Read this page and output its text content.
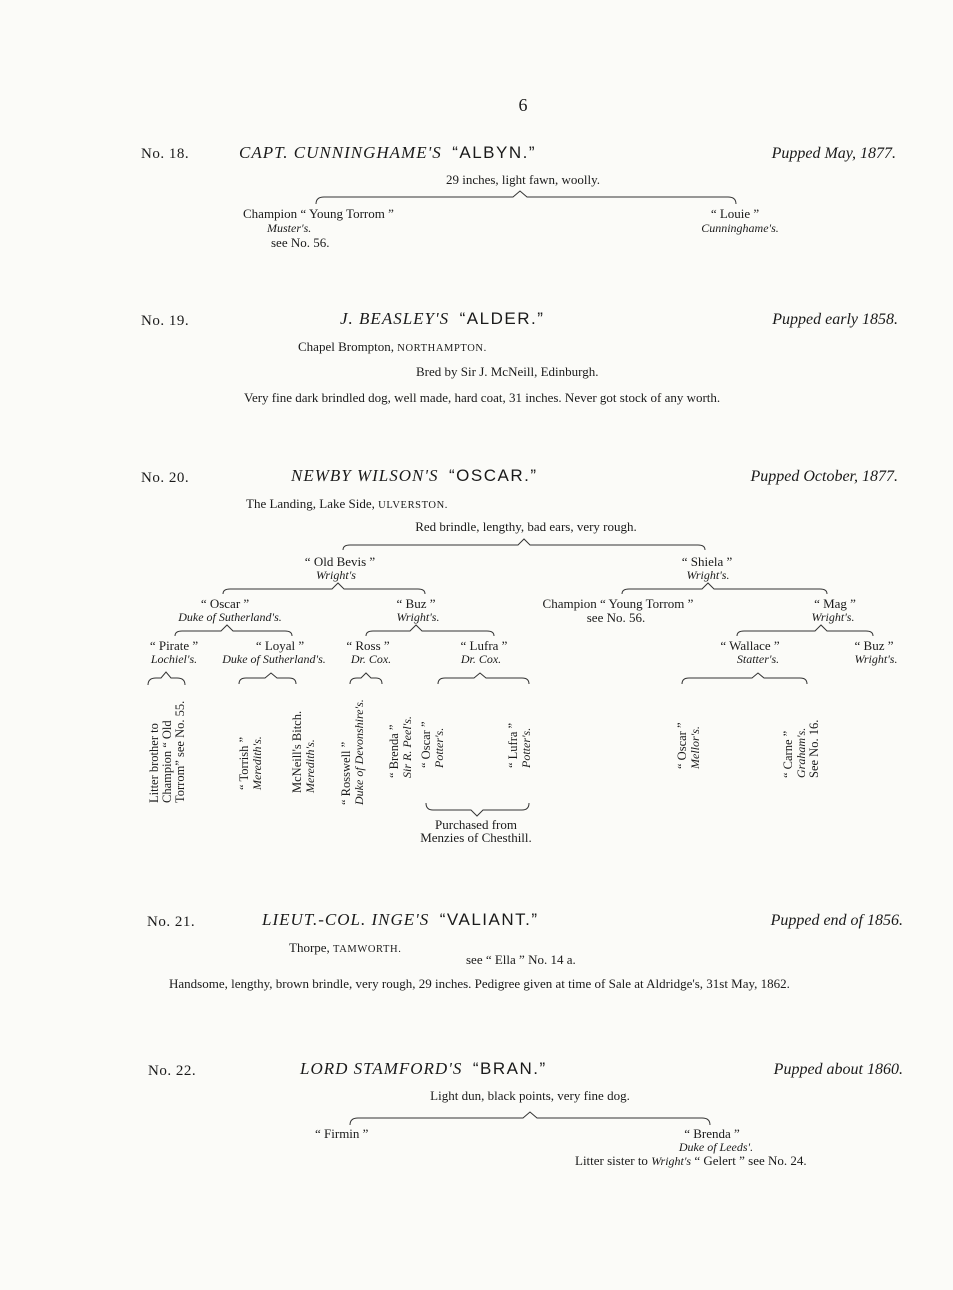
6
No. 18.	CAPT. CUNNINGHAME'S “ALBYN.”	Pupped May, 1877.
29 inches, light fawn, woolly.
Champion “ Young Torrom ”
Muster's.
see No. 56.
“ Louie ”
Cunninghame's.
No. 19.	J. BEASLEY'S “ALDER.”	Pupped early 1858.
Chapel Brompton, NORTHAMPTON.
Bred by Sir J. McNeill, Edinburgh.
Very fine dark brindled dog, well made, hard coat, 31 inches. Never got stock of any worth.
No. 20.	NEWBY WILSON'S “OSCAR.”	Pupped October, 1877.
The Landing, Lake Side, ULVERSTON.
Red brindle, lengthy, bad ears, very rough.
“ Old Bevis ”
Wright's
“ Shiela ”
Wright's.
“ Oscar ”
Duke of Sutherland's.
“ Buz ”
Wright's.
Champion “ Young Torrom ”
see No. 56.
“ Mag ”
Wright's.
“ Pirate ”
Lochiel's.
“ Loyal ”
Duke of Sutherland's.
“ Ross ”
Dr. Cox.
“ Lufra ”
Dr. Cox.
“ Wallace ”
Statter's.
“ Buz ”
Wright's.
Litter brother to Champion “ Old Torrom” see No. 55.	“ Torrish ” Meredith's. McNeill's Bitch. Meredith's. “ Rosswell ” Duke of Devonshire's. “ Brenda ” Sir R. Peel's. “ Oscar ” Potter's.	“ Lufra ” Potter's.	“ Oscar ” Mellor's.	“ Carne ” Graham's. See No. 16.
Purchased from
Menzies of Chesthill.
No. 21.	LIEUT.-COL. INGE'S “VALIANT.”	Pupped end of 1856.
Thorpe, TAMWORTH.
see “ Ella ” No. 14 a.
Handsome, lengthy, brown brindle, very rough, 29 inches. Pedigree given at time of Sale at Aldridge's, 31st May, 1862.
No. 22.	LORD STAMFORD'S “BRAN.”	Pupped about 1860.
Light dun, black points, very fine dog.
“ Firmin ”	“ Brenda ”
Duke of Leeds'.
Litter sister to Wright's “ Gelert ” see No. 24.
